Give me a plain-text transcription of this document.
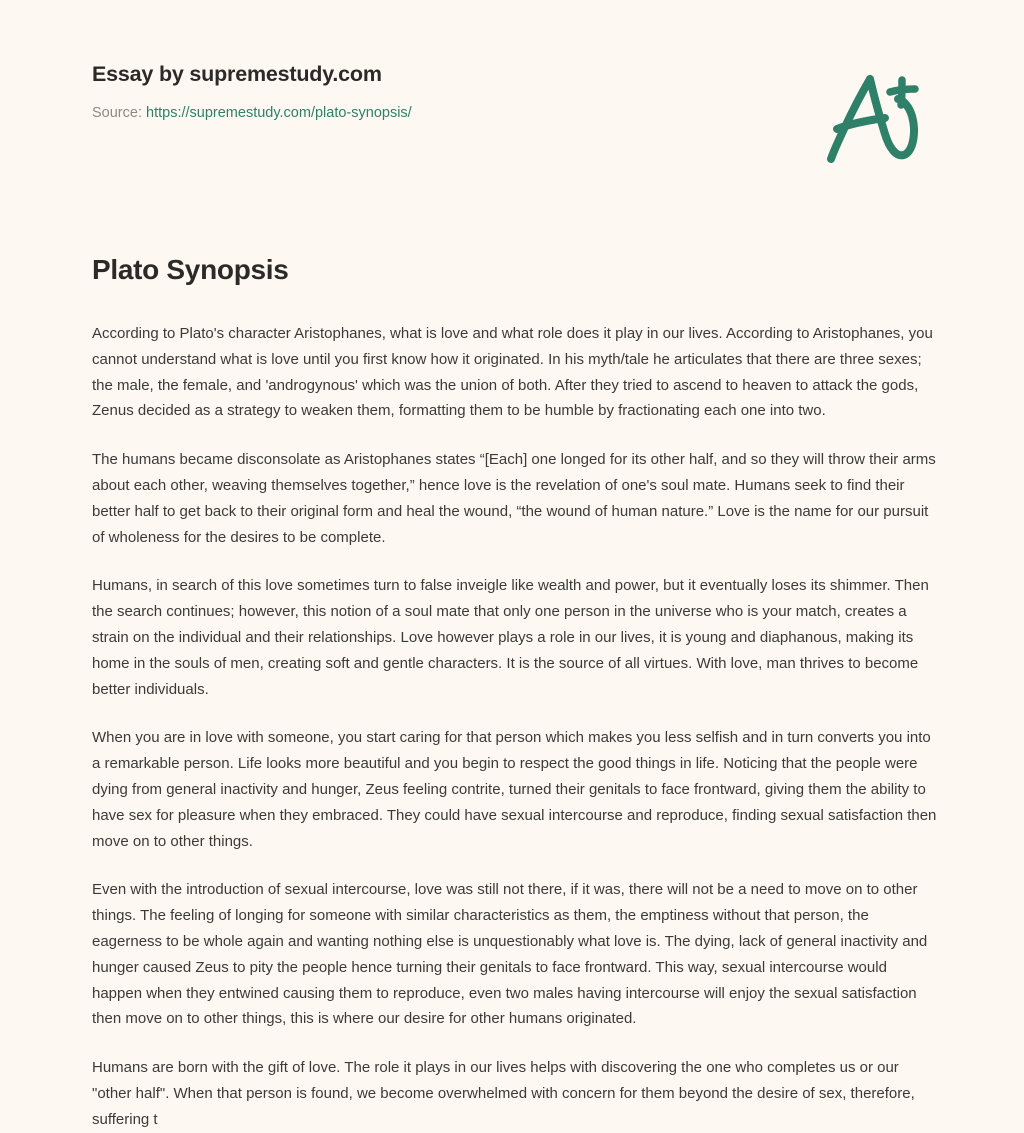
Essay by supremestudy.com
Source: https://supremestudy.com/plato-synopsis/
Plato Synopsis

According to Plato's character Aristophanes, what is love and what role does it play in our lives. According to Aristophanes, you cannot understand what is love until you first know how it originated. In his myth/tale he articulates that there are three sexes; the male, the female, and 'androgynous' which was the union of both. After they tried to ascend to heaven to attack the gods, Zenus decided as a strategy to weaken them, formatting them to be humble by fractionating each one into two.

The humans became disconsolate as Aristophanes states “[Each] one longed for its other half, and so they will throw their arms about each other, weaving themselves together,” hence love is the revelation of one's soul mate. Humans seek to find their better half to get back to their original form and heal the wound, “the wound of human nature.” Love is the name for our pursuit of wholeness for the desires to be complete.

Humans, in search of this love sometimes turn to false inveigle like wealth and power, but it eventually loses its shimmer. Then the search continues; however, this notion of a soul mate that only one person in the universe who is your match, creates a strain on the individual and their relationships. Love however plays a role in our lives, it is young and diaphanous, making its home in the souls of men, creating soft and gentle characters. It is the source of all virtues. With love, man thrives to become better individuals.

When you are in love with someone, you start caring for that person which makes you less selfish and in turn converts you into a remarkable person. Life looks more beautiful and you begin to respect the good things in life. Noticing that the people were dying from general inactivity and hunger, Zeus feeling contrite, turned their genitals to face frontward, giving them the ability to have sex for pleasure when they embraced. They could have sexual intercourse and reproduce, finding sexual satisfaction then move on to other things.

Even with the introduction of sexual intercourse, love was still not there, if it was, there will not be a need to move on to other things. The feeling of longing for someone with similar characteristics as them, the emptiness without that person, the eagerness to be whole again and wanting nothing else is unquestionably what love is. The dying, lack of general inactivity and hunger caused Zeus to pity the people hence turning their genitals to face frontward. This way, sexual intercourse would happen when they entwined causing them to reproduce, even two males having intercourse will enjoy the sexual satisfaction then move on to other things, this is where our desire for other humans originated.

Humans are born with the gift of love. The role it plays in our lives helps with discovering the one who completes us or our "other half". When that person is found, we become overwhelmed with concern for them beyond the desire of sex, therefore, suffering t
